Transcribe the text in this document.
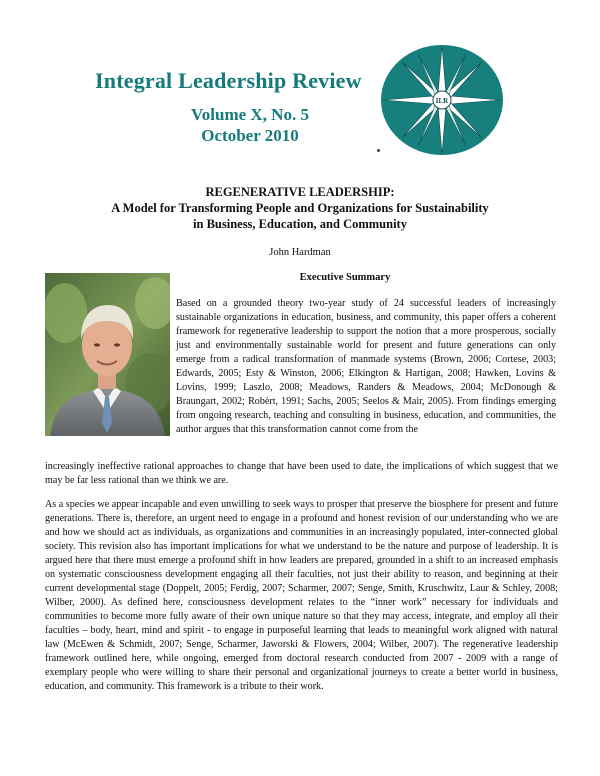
Integral Leadership Review
Volume X, No. 5
October 2010
ILR
REGENERATIVE LEADERSHIP:
A Model for Transforming People and Organizations for Sustainability
in Business, Education, and Community
John Hardman
Executive Summary

Based on a grounded theory two-year study of 24 successful leaders of increasingly sustainable organizations in education, business, and community, this paper offers a coherent framework for regenerative leadership to support the notion that a more prosperous, socially just and environmentally sustainable world for present and future generations can only emerge from a radical transformation of manmade systems (Brown, 2006; Cortese, 2003; Edwards, 2005; Esty & Winston, 2006; Elkington & Hartigan, 2008; Hawken, Lovins & Lovins, 1999; Laszlo, 2008; Meadows, Randers & Meadows, 2004; McDonough & Braungart, 2002; Robèrt, 1991; Sachs, 2005; Seelos & Mair, 2005). From findings emerging from ongoing research, teaching and consulting in business, education, and communities, the author argues that this transformation cannot come from the

increasingly ineffective rational approaches to change that have been used to date, the implications of which suggest that we may be far less rational than we think we are.

As a species we appear incapable and even unwilling to seek ways to prosper that preserve the biosphere for present and future generations. There is, therefore, an urgent need to engage in a profound and honest revision of our understanding who we are and how we should act as individuals, as organizations and communities in an increasingly populated, inter-connected global society. This revision also has important implications for what we understand to be the nature and purpose of leadership. It is argued here that there must emerge a profound shift in how leaders are prepared, grounded in a shift to an increased emphasis on systematic consciousness development engaging all their faculties, not just their ability to reason, and beginning at their current developmental stage (Doppelt, 2005; Ferdig, 2007; Scharmer, 2007; Senge, Smith, Kruschwitz, Laur & Schley, 2008; Wilber, 2000). As defined here, consciousness development relates to the “inner work” necessary for individuals and communities to become more fully aware of their own unique nature so that they may access, integrate, and employ all their faculties – body, heart, mind and spirit - to engage in purposeful learning that leads to meaningful work aligned with natural law (McEwen & Schmidt, 2007; Senge, Scharmer, Jaworski & Flowers, 2004; Wilber, 2007). The regenerative leadership framework outlined here, while ongoing, emerged from doctoral research conducted from 2007 - 2009 with a range of exemplary people who were willing to share their personal and organizational journeys to create a better world in business, education, and community. This framework is a tribute to their work.
